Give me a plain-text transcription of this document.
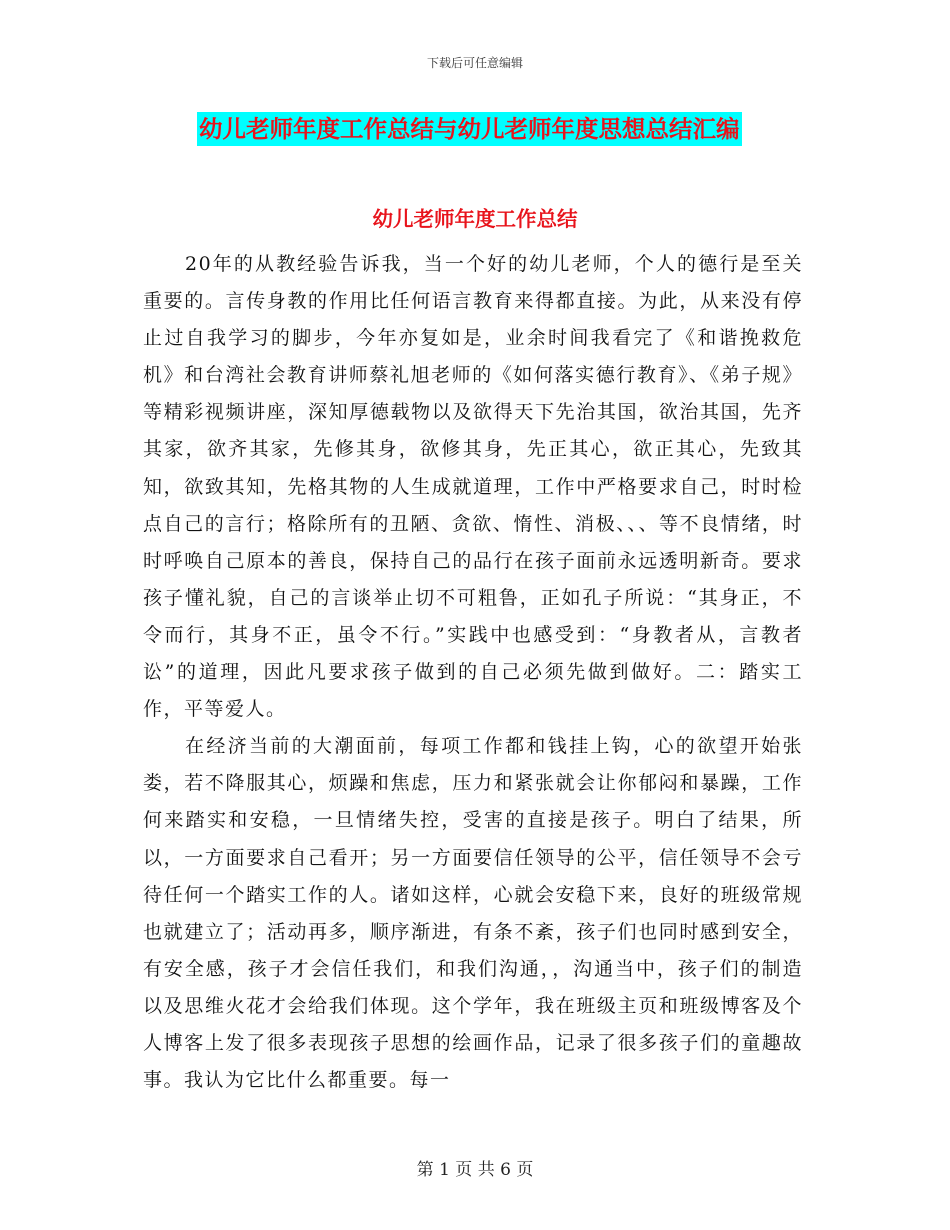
下载后可任意编辑
幼儿老师年度工作总结与幼儿老师年度思想总结汇编
幼儿老师年度工作总结

20年的从教经验告诉我，当一个好的幼儿老师，个人的德行是至关重要的。言传身教的作用比任何语言教育来得都直接。为此，从来没有停止过自我学习的脚步，今年亦复如是，业余时间我看完了《和谐挽救危机》和台湾社会教育讲师蔡礼旭老师的《如何落实德行教育》、《弟子规》等精彩视频讲座，深知厚德载物以及欲得天下先治其国，欲治其国，先齐其家，欲齐其家，先修其身，欲修其身，先正其心，欲正其心，先致其知，欲致其知，先格其物的人生成就道理，工作中严格要求自己，时时检点自己的言行；格除所有的丑陋、贪欲、惰性、消极、、、等不良情绪，时时呼唤自己原本的善良，保持自己的品行在孩子面前永远透明新奇。要求孩子懂礼貌，自己的言谈举止切不可粗鲁，正如孔子所说：“其身正，不令而行，其身不正，虽令不行。”实践中也感受到：“身教者从，言教者讼”的道理，因此凡要求孩子做到的自己必须先做到做好。二：踏实工作，平等爱人。

在经济当前的大潮面前，每项工作都和钱挂上钩，心的欲望开始张娄，若不降服其心，烦躁和焦虑，压力和紧张就会让你郁闷和暴躁，工作何来踏实和安稳，一旦情绪失控，受害的直接是孩子。明白了结果，所以，一方面要求自己看开；另一方面要信任领导的公平，信任领导不会亏待任何一个踏实工作的人。诸如这样，心就会安稳下来，良好的班级常规也就建立了；活动再多，顺序渐进，有条不紊，孩子们也同时感到安全，有安全感，孩子才会信任我们，和我们沟通，，沟通当中，孩子们的制造以及思维火花才会给我们体现。这个学年，我在班级主页和班级博客及个人博客上发了很多表现孩子思想的绘画作品，记录了很多孩子们的童趣故事。我认为它比什么都重要。每一

第 1 页 共 6 页
